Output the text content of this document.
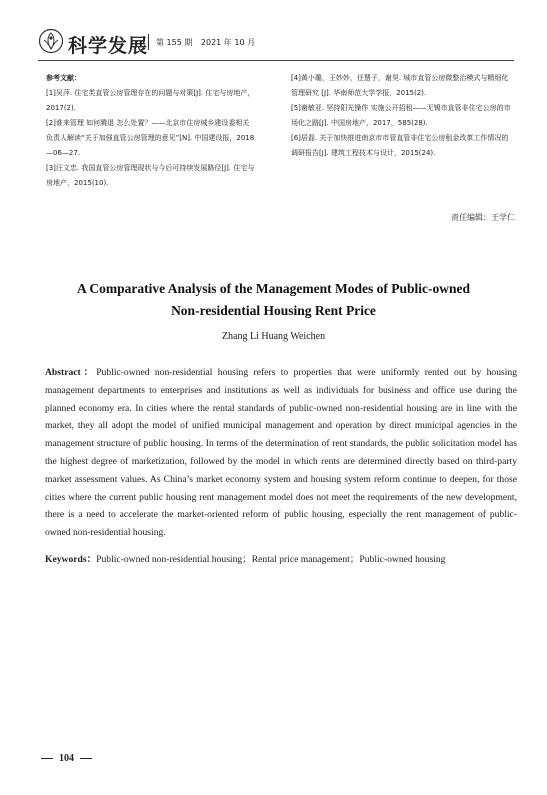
科学发展 第 155 期 2021 年 10 月
参考文献：

[1]吴萍. 住宅类直管公房管理存在的问题与对策[J]. 住宅与房地产，2017(2).

[2]谁来管理 如何腾退 怎么处置？——北京市住房城乡建设委相关负责人解读“关于加强直管公房管理的意见”[N]. 中国建设报，2018—06—27.

[3]汪文忠. 我国直管公房管理现状与今后可持续发展路径[J]. 住宅与房地产，2015(10).

[4]黄小璐，王妙妙，任慧子，谢昊. 城市直管公房微整治模式与精细化管理研究 [J]. 华南师范大学学报，2015(2).

[5]谢敏亚. 坚持阳光操作 实施公开招租——无锡市直管非住宅公房的市场化之路[J]. 中国房地产，2017，585(28).

[6]居磊. 关于加快推进南京市市管直管非住宅公房租金改革工作情况的调研报告[J]. 建筑工程技术与设计，2015(24).

责任编辑：王学仁
A Comparative Analysis of the Management Modes of Public-owned
Non-residential Housing Rent Price
Zhang Li Huang Weichen
Abstract：Public-owned non-residential housing refers to properties that were uniformly rented out by housing management departments to enterprises and institutions as well as individuals for business and office use during the planned economy era. In cities where the rental standards of public-owned non-residential housing are in line with the market, they all adopt the model of unified municipal management and operation by direct municipal agencies in the management structure of public housing. In terms of the determination of rent standards, the public solicitation model has the highest degree of marketization, followed by the model in which rents are determined directly based on third-party market assessment values. As China’s market economy system and housing system reform continue to deepen, for those cities where the current public housing rent management model does not meet the requirements of the new development, there is a need to accelerate the market-oriented reform of public housing, especially the rent management of public-owned non-residential housing.
Keywords：Public-owned non-residential housing；Rental price management；Public-owned housing
104
